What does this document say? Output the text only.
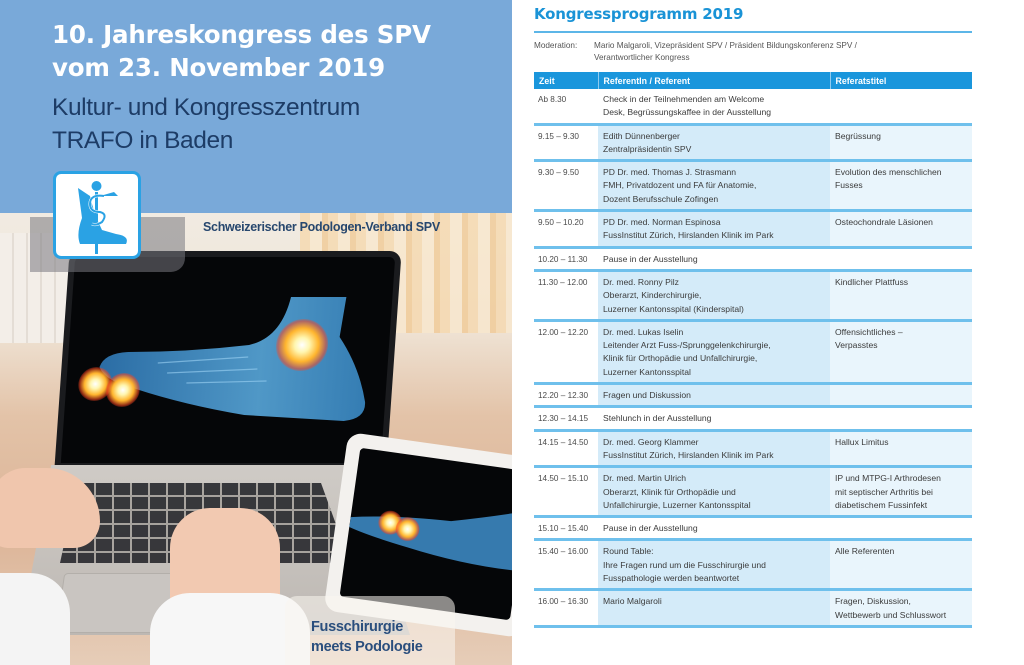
10. Jahreskongress des SPV
vom 23. November 2019
Kultur- und Kongresszentrum
TRAFO in Baden
Schweizerischer Podologen-Verband SPV
Fusschirurgie
meets Podologie
Kongressprogramm 2019
Moderation: Mario Malgaroli, Vizepräsident SPV / Präsident Bildungskonferenz SPV / Verantwortlicher Kongress
Zeit	ReferentIn / Referent	Referatstitel
Ab 8.30	Check in der Teilnehmenden am Welcome
Desk, Begrüssungskaffee in der Ausstellung	

9.15 – 9.30	Edith Dünnenberger
Zentralpräsidentin SPV	Begrüssung

9.30 – 9.50	PD Dr. med. Thomas J. Strasmann
FMH, Privatdozent und FA für Anatomie,
Dozent Berufsschule Zofingen	Evolution des menschlichen
Fusses

9.50 – 10.20	PD Dr. med. Norman Espinosa
FussInstitut Zürich, Hirslanden Klinik im Park	Osteochondrale Läsionen

10.20 – 11.30	Pause in der Ausstellung	

11.30 – 12.00	Dr. med. Ronny Pilz
Oberarzt, Kinderchirurgie,
Luzerner Kantonsspital (Kinderspital)	Kindlicher Plattfuss

12.00 – 12.20	Dr. med. Lukas Iselin
Leitender Arzt Fuss-/Sprunggelenkchirurgie,
Klinik für Orthopädie und Unfallchirurgie,
Luzerner Kantonsspital	Offensichtliches –
Verpasstes

12.20 – 12.30	Fragen und Diskussion	

12.30 – 14.15	Stehlunch in der Ausstellung	

14.15 – 14.50	Dr. med. Georg Klammer
FussInstitut Zürich, Hirslanden Klinik im Park	Hallux Limitus

14.50 – 15.10	Dr. med. Martin Ulrich
Oberarzt, Klinik für Orthopädie und
Unfallchirurgie, Luzerner Kantonsspital	IP und MTPG-I Arthrodesen
mit septischer Arthritis bei
diabetischem Fussinfekt

15.10 – 15.40	Pause in der Ausstellung	

15.40 – 16.00	Round Table:
Ihre Fragen rund um die Fusschirurgie und
Fusspathologie werden beantwortet	Alle Referenten

16.00 – 16.30	Mario Malgaroli	Fragen, Diskussion,
Wettbewerb und Schlusswort
